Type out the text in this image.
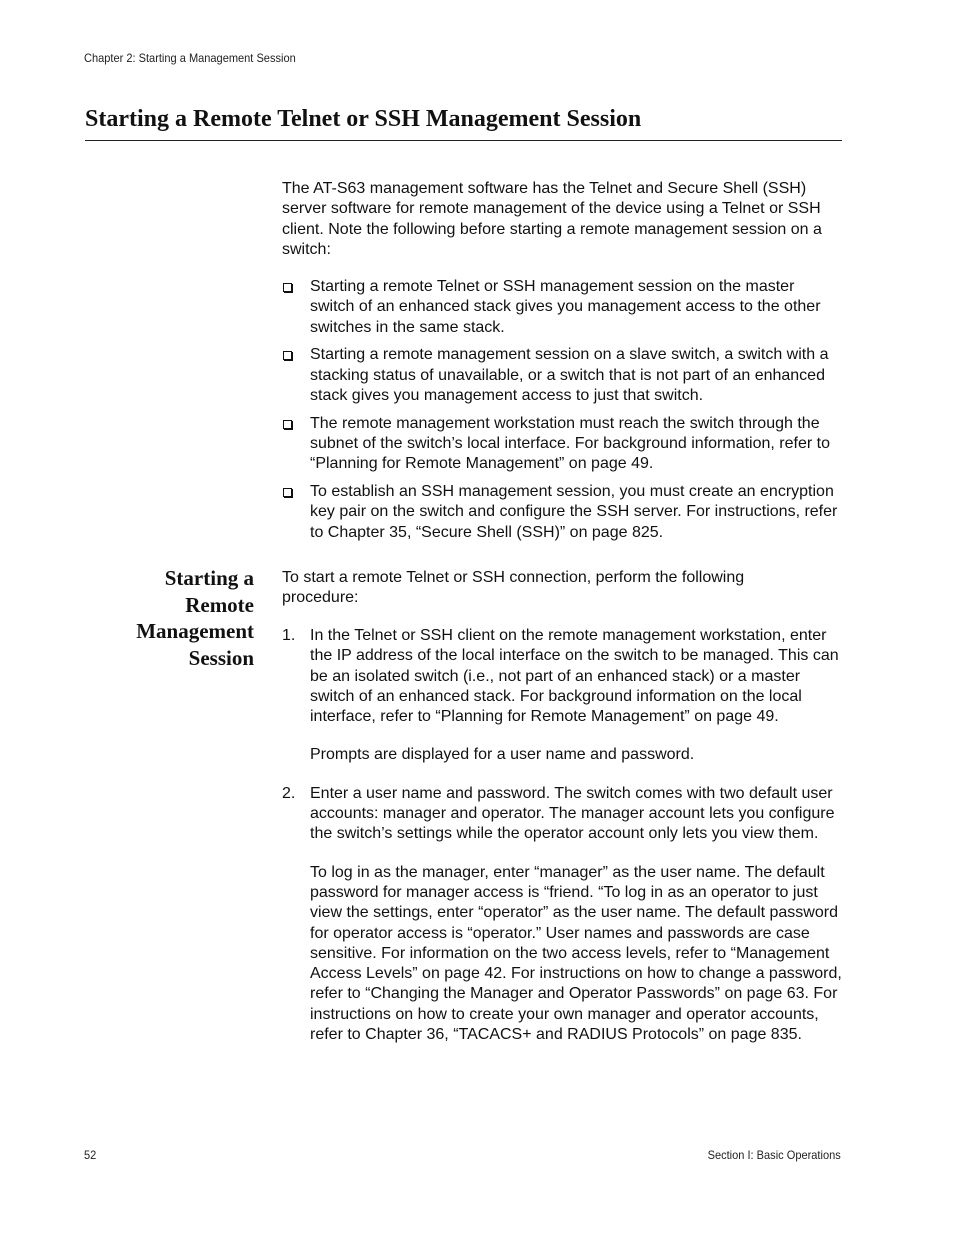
Chapter 2: Starting a Management Session
Starting a Remote Telnet or SSH Management Session

The AT-S63 management software has the Telnet and Secure Shell (SSH) server software for remote management of the device using a Telnet or SSH client. Note the following before starting a remote management session on a switch:

Starting a remote Telnet or SSH management session on the master switch of an enhanced stack gives you management access to the other switches in the same stack.
Starting a remote management session on a slave switch, a switch with a stacking status of unavailable, or a switch that is not part of an enhanced stack gives you management access to just that switch.
The remote management workstation must reach the switch through the subnet of the switch’s local interface. For background information, refer to “Planning for Remote Management” on page 49.
To establish an SSH management session, you must create an encryption key pair on the switch and configure the SSH server. For instructions, refer to Chapter 35, “Secure Shell (SSH)” on page 825.
Starting a Remote Management Session

To start a remote Telnet or SSH connection, perform the following procedure:

1. In the Telnet or SSH client on the remote management workstation, enter the IP address of the local interface on the switch to be managed. This can be an isolated switch (i.e., not part of an enhanced stack) or a master switch of an enhanced stack. For background information on the local interface, refer to “Planning for Remote Management” on page 49.

Prompts are displayed for a user name and password.

2. Enter a user name and password. The switch comes with two default user accounts: manager and operator. The manager account lets you configure the switch’s settings while the operator account only lets you view them.

To log in as the manager, enter “manager” as the user name. The default password for manager access is “friend. “To log in as an operator to just view the settings, enter “operator” as the user name. The default password for operator access is “operator.” User names and passwords are case sensitive. For information on the two access levels, refer to “Management Access Levels” on page 42. For instructions on how to change a password, refer to “Changing the Manager and Operator Passwords” on page 63. For instructions on how to create your own manager and operator accounts, refer to Chapter 36, “TACACS+ and RADIUS Protocols” on page 835.

52	Section I: Basic Operations
